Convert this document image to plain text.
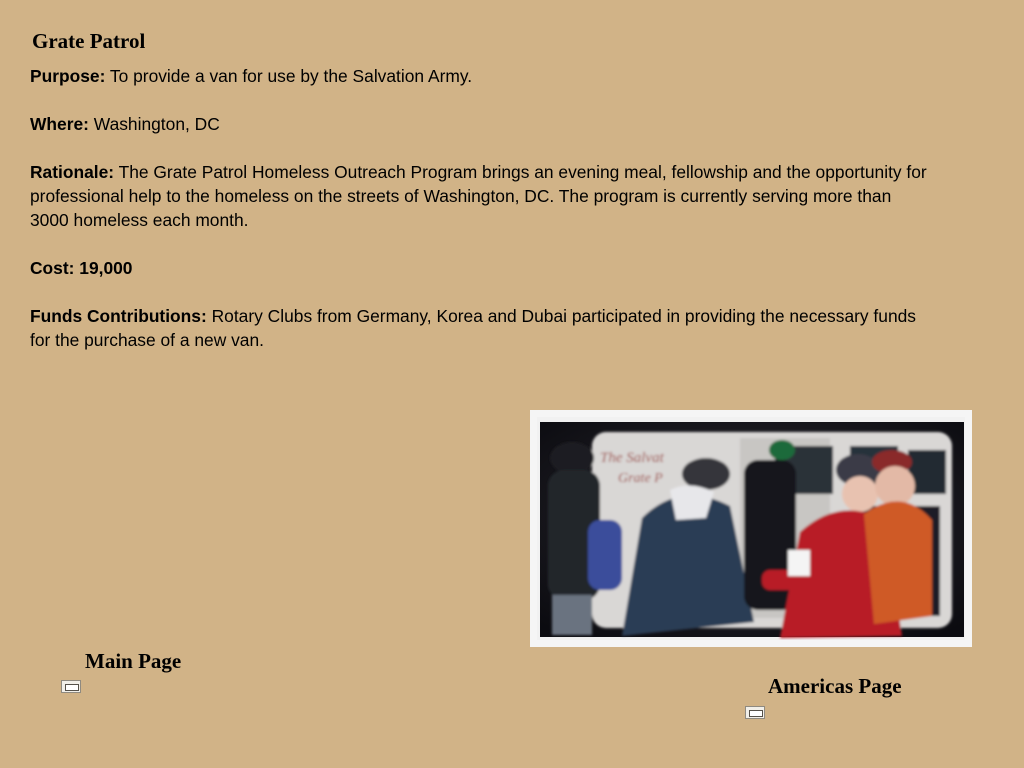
Grate Patrol

Purpose: To provide a van for use by the Salvation Army.

Where: Washington, DC

Rationale: The Grate Patrol Homeless Outreach Program brings an evening meal, fellowship and the opportunity for professional help to the homeless on the streets of Washington, DC. The program is currently serving more than 3000 homeless each month.

Cost: 19,000

Funds Contributions: Rotary Clubs from Germany, Korea and Dubai participated in providing the necessary funds for the purchase of a new van.

The Salvat
Grate P
Main Page
Americas Page
